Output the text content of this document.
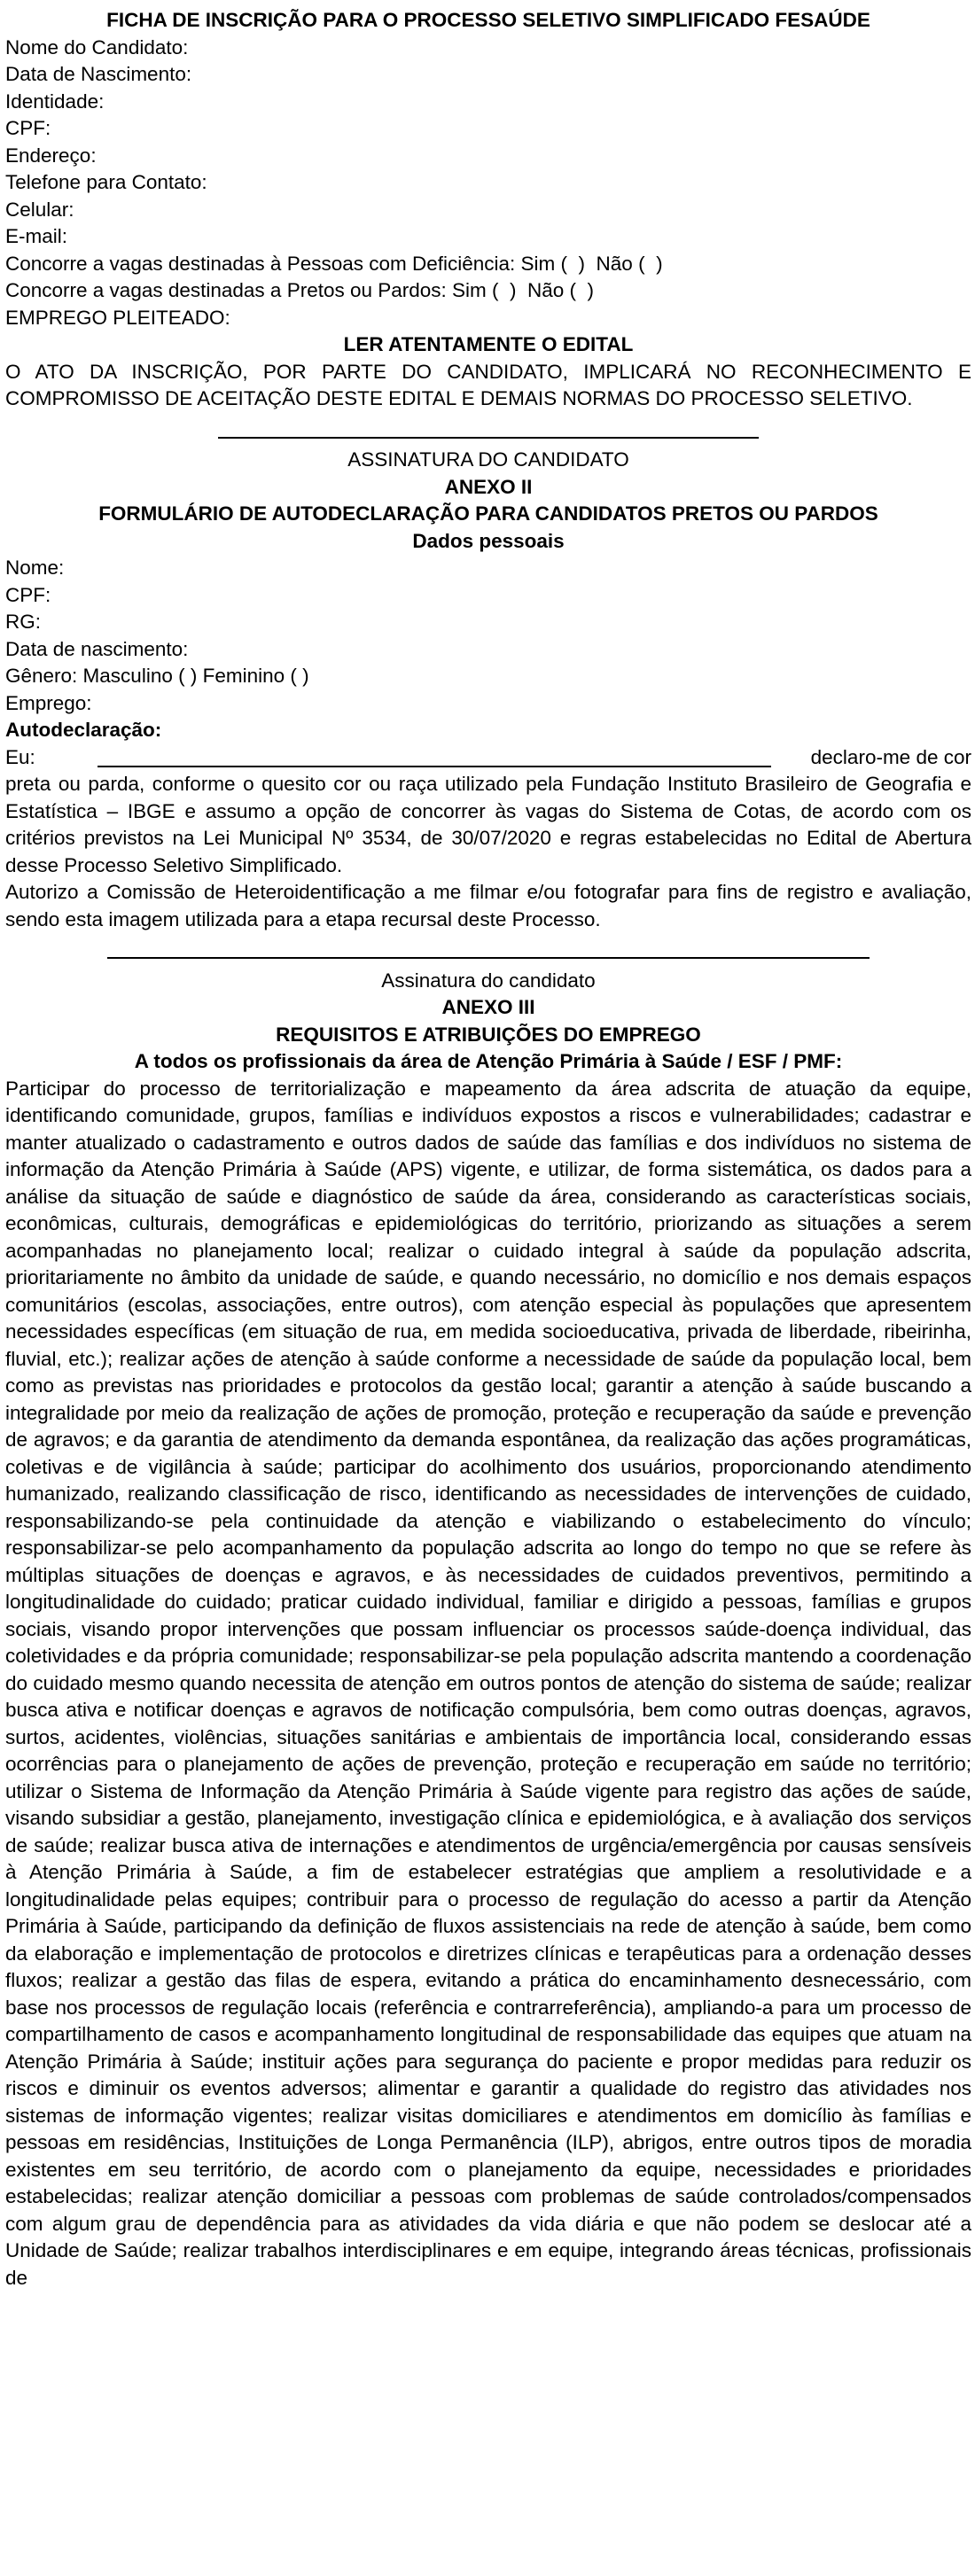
FICHA DE INSCRIÇÃO PARA O PROCESSO SELETIVO SIMPLIFICADO FESAÚDE

Nome do Candidato:

Data de Nascimento:

Identidade:

CPF:

Endereço:

Telefone para Contato:

Celular:

E-mail:

Concorre a vagas destinadas à Pessoas com Deficiência: Sim (  )  Não (  )

Concorre a vagas destinadas a Pretos ou Pardos: Sim (  )  Não (  )

EMPREGO PLEITEADO:

LER ATENTAMENTE O EDITAL

O ATO DA INSCRIÇÃO, POR PARTE DO CANDIDATO, IMPLICARÁ NO RECONHECIMENTO E COMPROMISSO DE ACEITAÇÃO DESTE EDITAL E DEMAIS NORMAS DO PROCESSO SELETIVO.

ASSINATURA DO CANDIDATO

ANEXO II

FORMULÁRIO DE AUTODECLARAÇÃO PARA CANDIDATOS PRETOS OU PARDOS

Dados pessoais

Nome:

CPF:

RG:

Data de nascimento:

Gênero: Masculino ( ) Feminino ( )

Emprego:

Autodeclaração:

Eu:	declaro-me de cor

preta ou parda, conforme o quesito cor ou raça utilizado pela Fundação Instituto Brasileiro de Geografia e Estatística – IBGE e assumo a opção de concorrer às vagas do Sistema de Cotas, de acordo com os critérios previstos na Lei Municipal Nº 3534, de 30/07/2020 e regras estabelecidas no Edital de Abertura desse Processo Seletivo Simplificado.

Autorizo a Comissão de Heteroidentificação a me filmar e/ou fotografar para fins de registro e avaliação, sendo esta imagem utilizada para a etapa recursal deste Processo.

Assinatura do candidato

ANEXO III

REQUISITOS E ATRIBUIÇÕES DO EMPREGO

A todos os profissionais da área de Atenção Primária à Saúde / ESF / PMF:

Participar do processo de territorialização e mapeamento da área adscrita de atuação da equipe, identificando comunidade, grupos, famílias e indivíduos expostos a riscos e vulnerabilidades; cadastrar e manter atualizado o cadastramento e outros dados de saúde das famílias e dos indivíduos no sistema de informação da Atenção Primária à Saúde (APS) vigente, e utilizar, de forma sistemática, os dados para a análise da situação de saúde e diagnóstico de saúde da área, considerando as características sociais, econômicas, culturais, demográficas e epidemiológicas do território, priorizando as situações a serem acompanhadas no planejamento local; realizar o cuidado integral à saúde da população adscrita, prioritariamente no âmbito da unidade de saúde, e quando necessário, no domicílio e nos demais espaços comunitários (escolas, associações, entre outros), com atenção especial às populações que apresentem necessidades específicas (em situação de rua, em medida socioeducativa, privada de liberdade, ribeirinha, fluvial, etc.); realizar ações de atenção à saúde conforme a necessidade de saúde da população local, bem como as previstas nas prioridades e protocolos da gestão local; garantir a atenção à saúde buscando a integralidade por meio da realização de ações de promoção, proteção e recuperação da saúde e prevenção de agravos; e da garantia de atendimento da demanda espontânea, da realização das ações programáticas, coletivas e de vigilância à saúde; participar do acolhimento dos usuários, proporcionando atendimento humanizado, realizando classificação de risco, identificando as necessidades de intervenções de cuidado, responsabilizando-se pela continuidade da atenção e viabilizando o estabelecimento do vínculo; responsabilizar-se pelo acompanhamento da população adscrita ao longo do tempo no que se refere às múltiplas situações de doenças e agravos, e às necessidades de cuidados preventivos, permitindo a longitudinalidade do cuidado; praticar cuidado individual, familiar e dirigido a pessoas, famílias e grupos sociais, visando propor intervenções que possam influenciar os processos saúde-doença individual, das coletividades e da própria comunidade; responsabilizar-se pela população adscrita mantendo a coordenação do cuidado mesmo quando necessita de atenção em outros pontos de atenção do sistema de saúde; realizar busca ativa e notificar doenças e agravos de notificação compulsória, bem como outras doenças, agravos, surtos, acidentes, violências, situações sanitárias e ambientais de importância local, considerando essas ocorrências para o planejamento de ações de prevenção, proteção e recuperação em saúde no território; utilizar o Sistema de Informação da Atenção Primária à Saúde vigente para registro das ações de saúde, visando subsidiar a gestão, planejamento, investigação clínica e epidemiológica, e à avaliação dos serviços de saúde; realizar busca ativa de internações e atendimentos de urgência/emergência por causas sensíveis à Atenção Primária à Saúde, a fim de estabelecer estratégias que ampliem a resolutividade e a longitudinalidade pelas equipes; contribuir para o processo de regulação do acesso a partir da Atenção Primária à Saúde, participando da definição de fluxos assistenciais na rede de atenção à saúde, bem como da elaboração e implementação de protocolos e diretrizes clínicas e terapêuticas para a ordenação desses fluxos; realizar a gestão das filas de espera, evitando a prática do encaminhamento desnecessário, com base nos processos de regulação locais (referência e contrarreferência), ampliando-a para um processo de compartilhamento de casos e acompanhamento longitudinal de responsabilidade das equipes que atuam na Atenção Primária à Saúde; instituir ações para segurança do paciente e propor medidas para reduzir os riscos e diminuir os eventos adversos; alimentar e garantir a qualidade do registro das atividades nos sistemas de informação vigentes; realizar visitas domiciliares e atendimentos em domicílio às famílias e pessoas em residências, Instituições de Longa Permanência (ILP), abrigos, entre outros tipos de moradia existentes em seu território, de acordo com o planejamento da equipe, necessidades e prioridades estabelecidas; realizar atenção domiciliar a pessoas com problemas de saúde controlados/compensados com algum grau de dependência para as atividades da vida diária e que não podem se deslocar até a Unidade de Saúde; realizar trabalhos interdisciplinares e em equipe, integrando áreas técnicas, profissionais de
